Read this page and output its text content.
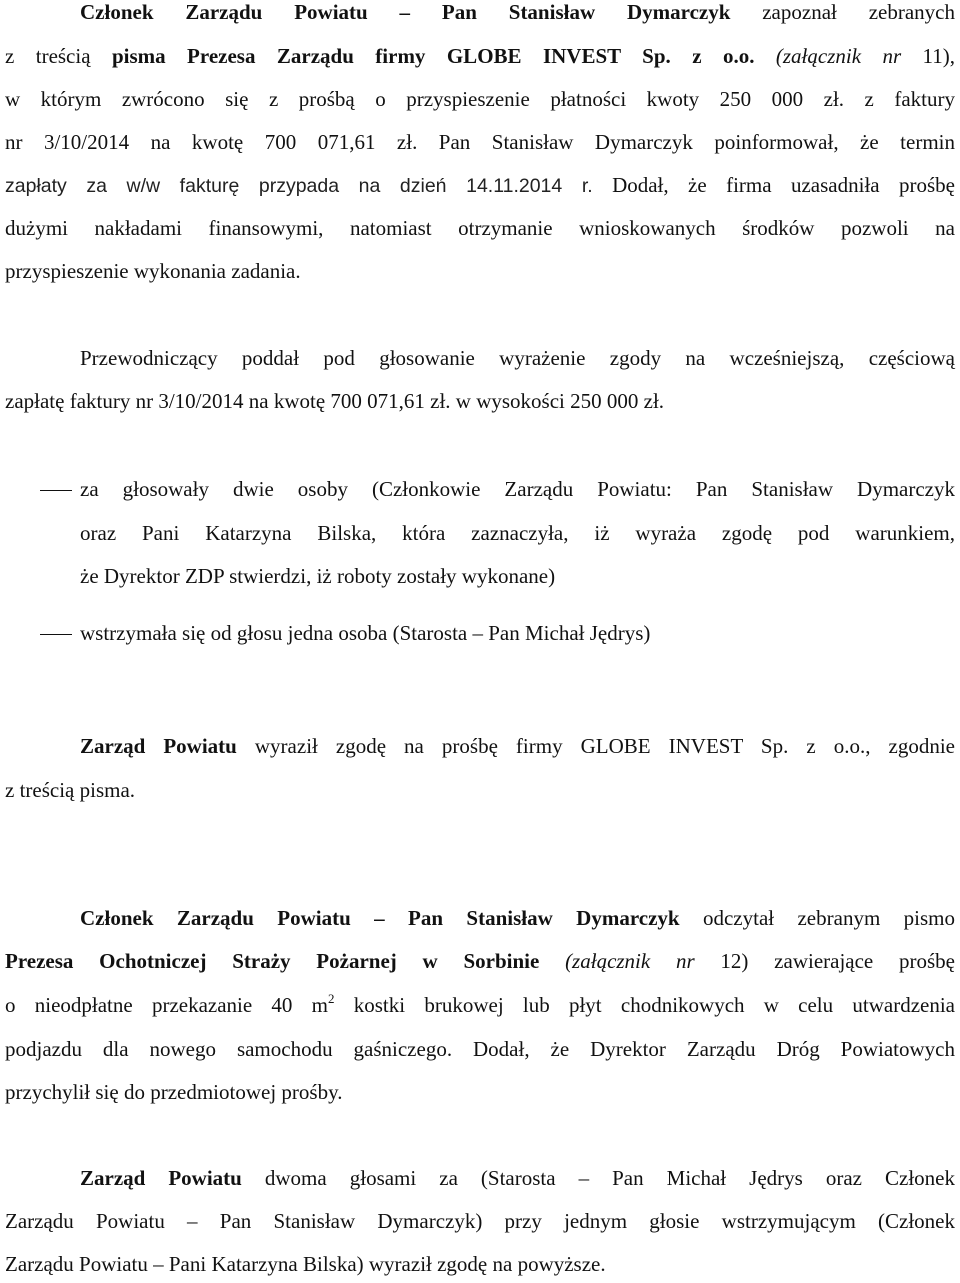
Członek Zarządu Powiatu – Pan Stanisław Dymarczyk zapoznał zebranych
z treścią pisma Prezesa Zarządu firmy GLOBE INVEST Sp. z o.o. (załącznik nr 11),
w którym zwrócono się z prośbą o przyspieszenie płatności kwoty 250 000 zł. z faktury
nr 3/10/2014 na kwotę 700 071,61 zł. Pan Stanisław Dymarczyk poinformował, że termin
zapłaty za w/w fakturę przypada na dzień 14.11.2014 r. Dodał, że firma uzasadniła prośbę
dużymi nakładami finansowymi, natomiast otrzymanie wnioskowanych środków pozwoli na
przyspieszenie wykonania zadania.
Przewodniczący poddał pod głosowanie wyrażenie zgody na wcześniejszą, częściową
zapłatę faktury nr 3/10/2014 na kwotę 700 071,61 zł. w wysokości 250 000 zł.
za głosowały dwie osoby (Członkowie Zarządu Powiatu: Pan Stanisław Dymarczyk
oraz Pani Katarzyna Bilska, która zaznaczyła, iż wyraża zgodę pod warunkiem,
że Dyrektor ZDP stwierdzi, iż roboty zostały wykonane)
wstrzymała się od głosu jedna osoba (Starosta – Pan Michał Jędrys)
Zarząd Powiatu wyraził zgodę na prośbę firmy GLOBE INVEST Sp. z o.o., zgodnie
z treścią pisma.
Członek Zarządu Powiatu – Pan Stanisław Dymarczyk odczytał zebranym pismo
Prezesa Ochotniczej Straży Pożarnej w Sorbinie (załącznik nr 12) zawierające prośbę
o nieodpłatne przekazanie 40 $m^2$ kostki brukowej lub płyt chodnikowych w celu utwardzenia
podjazdu dla nowego samochodu gaśniczego. Dodał, że Dyrektor Zarządu Dróg Powiatowych
przychylił się do przedmiotowej prośby.
Zarząd Powiatu dwoma głosami za (Starosta – Pan Michał Jędrys oraz Członek
Zarządu Powiatu – Pan Stanisław Dymarczyk) przy jednym głosie wstrzymującym (Członek
Zarządu Powiatu – Pani Katarzyna Bilska) wyraził zgodę na powyższe.
